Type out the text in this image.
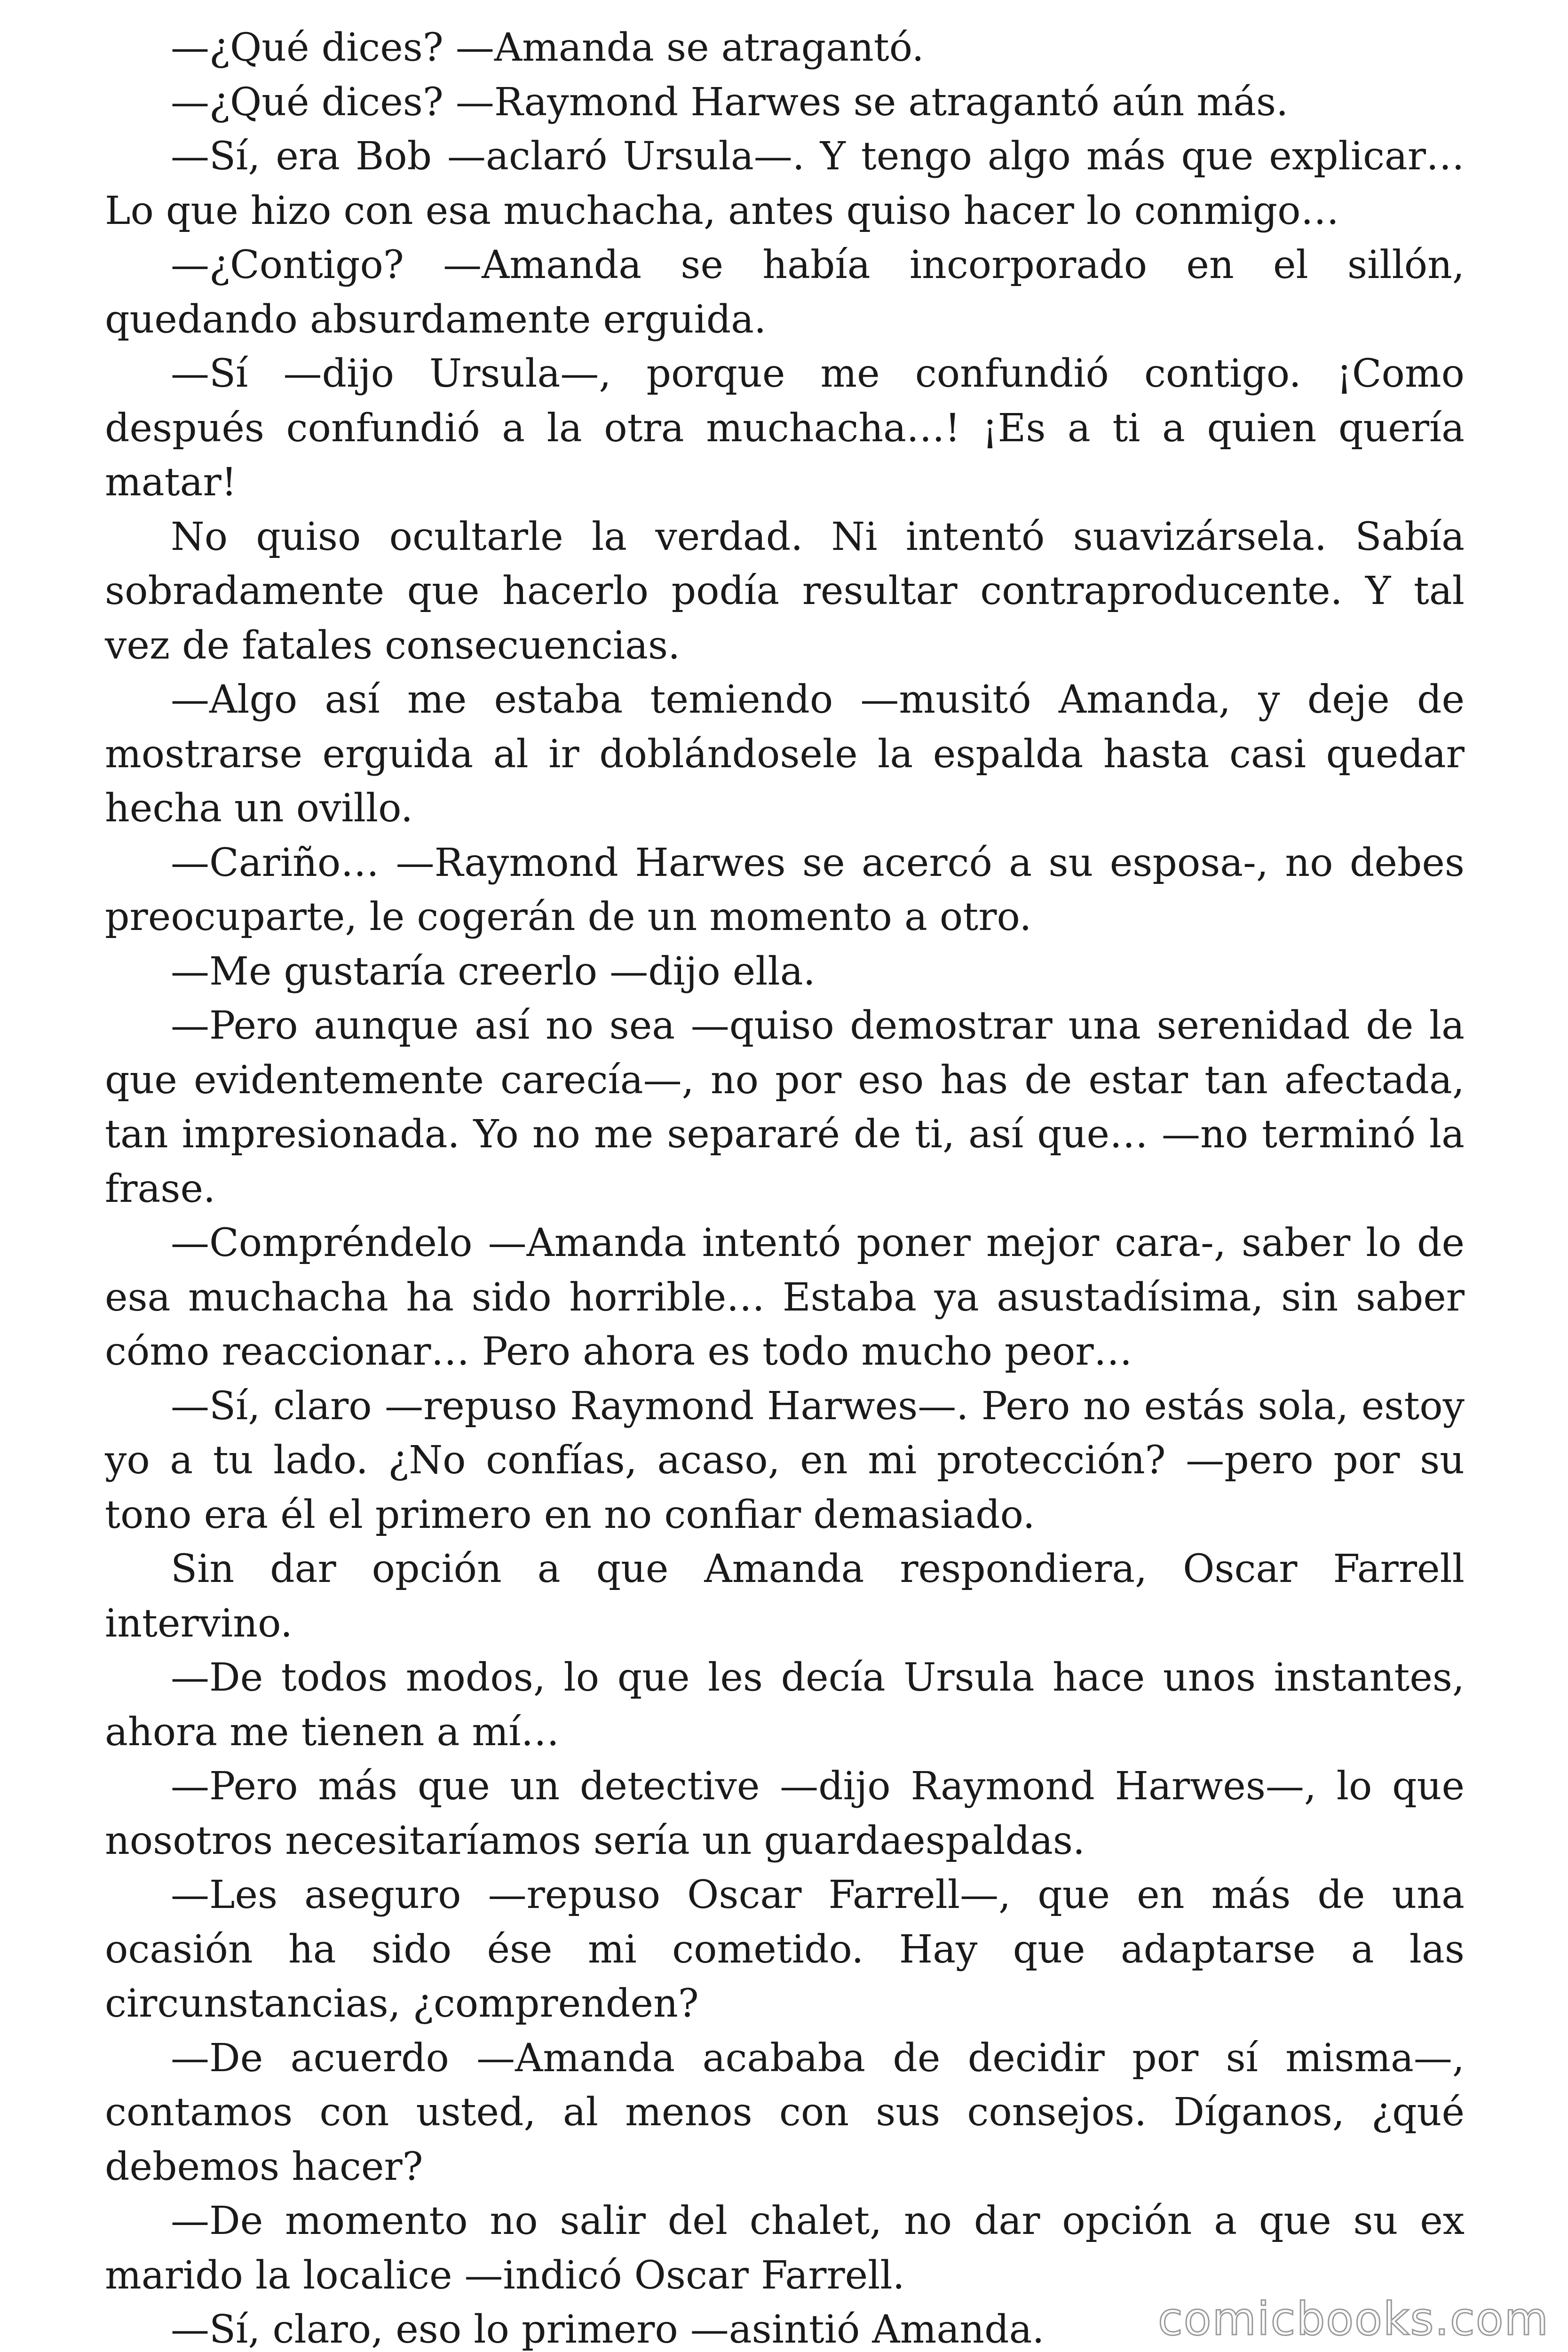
—¿Qué dices? —Amanda se atragantó.

—¿Qué dices? —Raymond Harwes se atragantó aún más.

—Sí, era Bob —aclaró Ursula—. Y tengo algo más que explicar… Lo que hizo con esa muchacha, antes quiso hacer lo conmigo…

—¿Contigo? —Amanda se había incorporado en el sillón, quedando absurdamente erguida.

—Sí —dijo Ursula—, porque me confundió contigo. ¡Como después confundió a la otra muchacha…! ¡Es a ti a quien quería matar!

No quiso ocultarle la verdad. Ni intentó suavizársela. Sabía sobradamente que hacerlo podía resultar contraproducente. Y tal vez de fatales consecuencias.

—Algo así me estaba temiendo —musitó Amanda, y deje de mostrarse erguida al ir doblándosele la espalda hasta casi quedar hecha un ovillo.

—Cariño… —Raymond Harwes se acercó a su esposa-, no debes preocuparte, le cogerán de un momento a otro.

—Me gustaría creerlo —dijo ella.

—Pero aunque así no sea —quiso demostrar una serenidad de la que evidentemente carecía—, no por eso has de estar tan afectada, tan impresionada. Yo no me separaré de ti, así que… —no terminó la frase.

—Compréndelo —Amanda intentó poner mejor cara-, saber lo de esa muchacha ha sido horrible… Estaba ya asustadísima, sin saber cómo reaccionar… Pero ahora es todo mucho peor…

—Sí, claro —repuso Raymond Harwes—. Pero no estás sola, estoy yo a tu lado. ¿No confías, acaso, en mi protección? —pero por su tono era él el primero en no confiar demasiado.

Sin dar opción a que Amanda respondiera, Oscar Farrell intervino.

—De todos modos, lo que les decía Ursula hace unos instantes, ahora me tienen a mí…

—Pero más que un detective —dijo Raymond Harwes—, lo que nosotros necesitaríamos sería un guardaespaldas.

—Les aseguro —repuso Oscar Farrell—, que en más de una ocasión ha sido ése mi cometido. Hay que adaptarse a las circunstancias, ¿comprenden?

—De acuerdo —Amanda acababa de decidir por sí misma—, contamos con usted, al menos con sus consejos. Díganos, ¿qué debemos hacer?

—De momento no salir del chalet, no dar opción a que su ex marido la localice —indicó Oscar Farrell.

—Sí, claro, eso lo primero —asintió Amanda.	comicbooks.com
